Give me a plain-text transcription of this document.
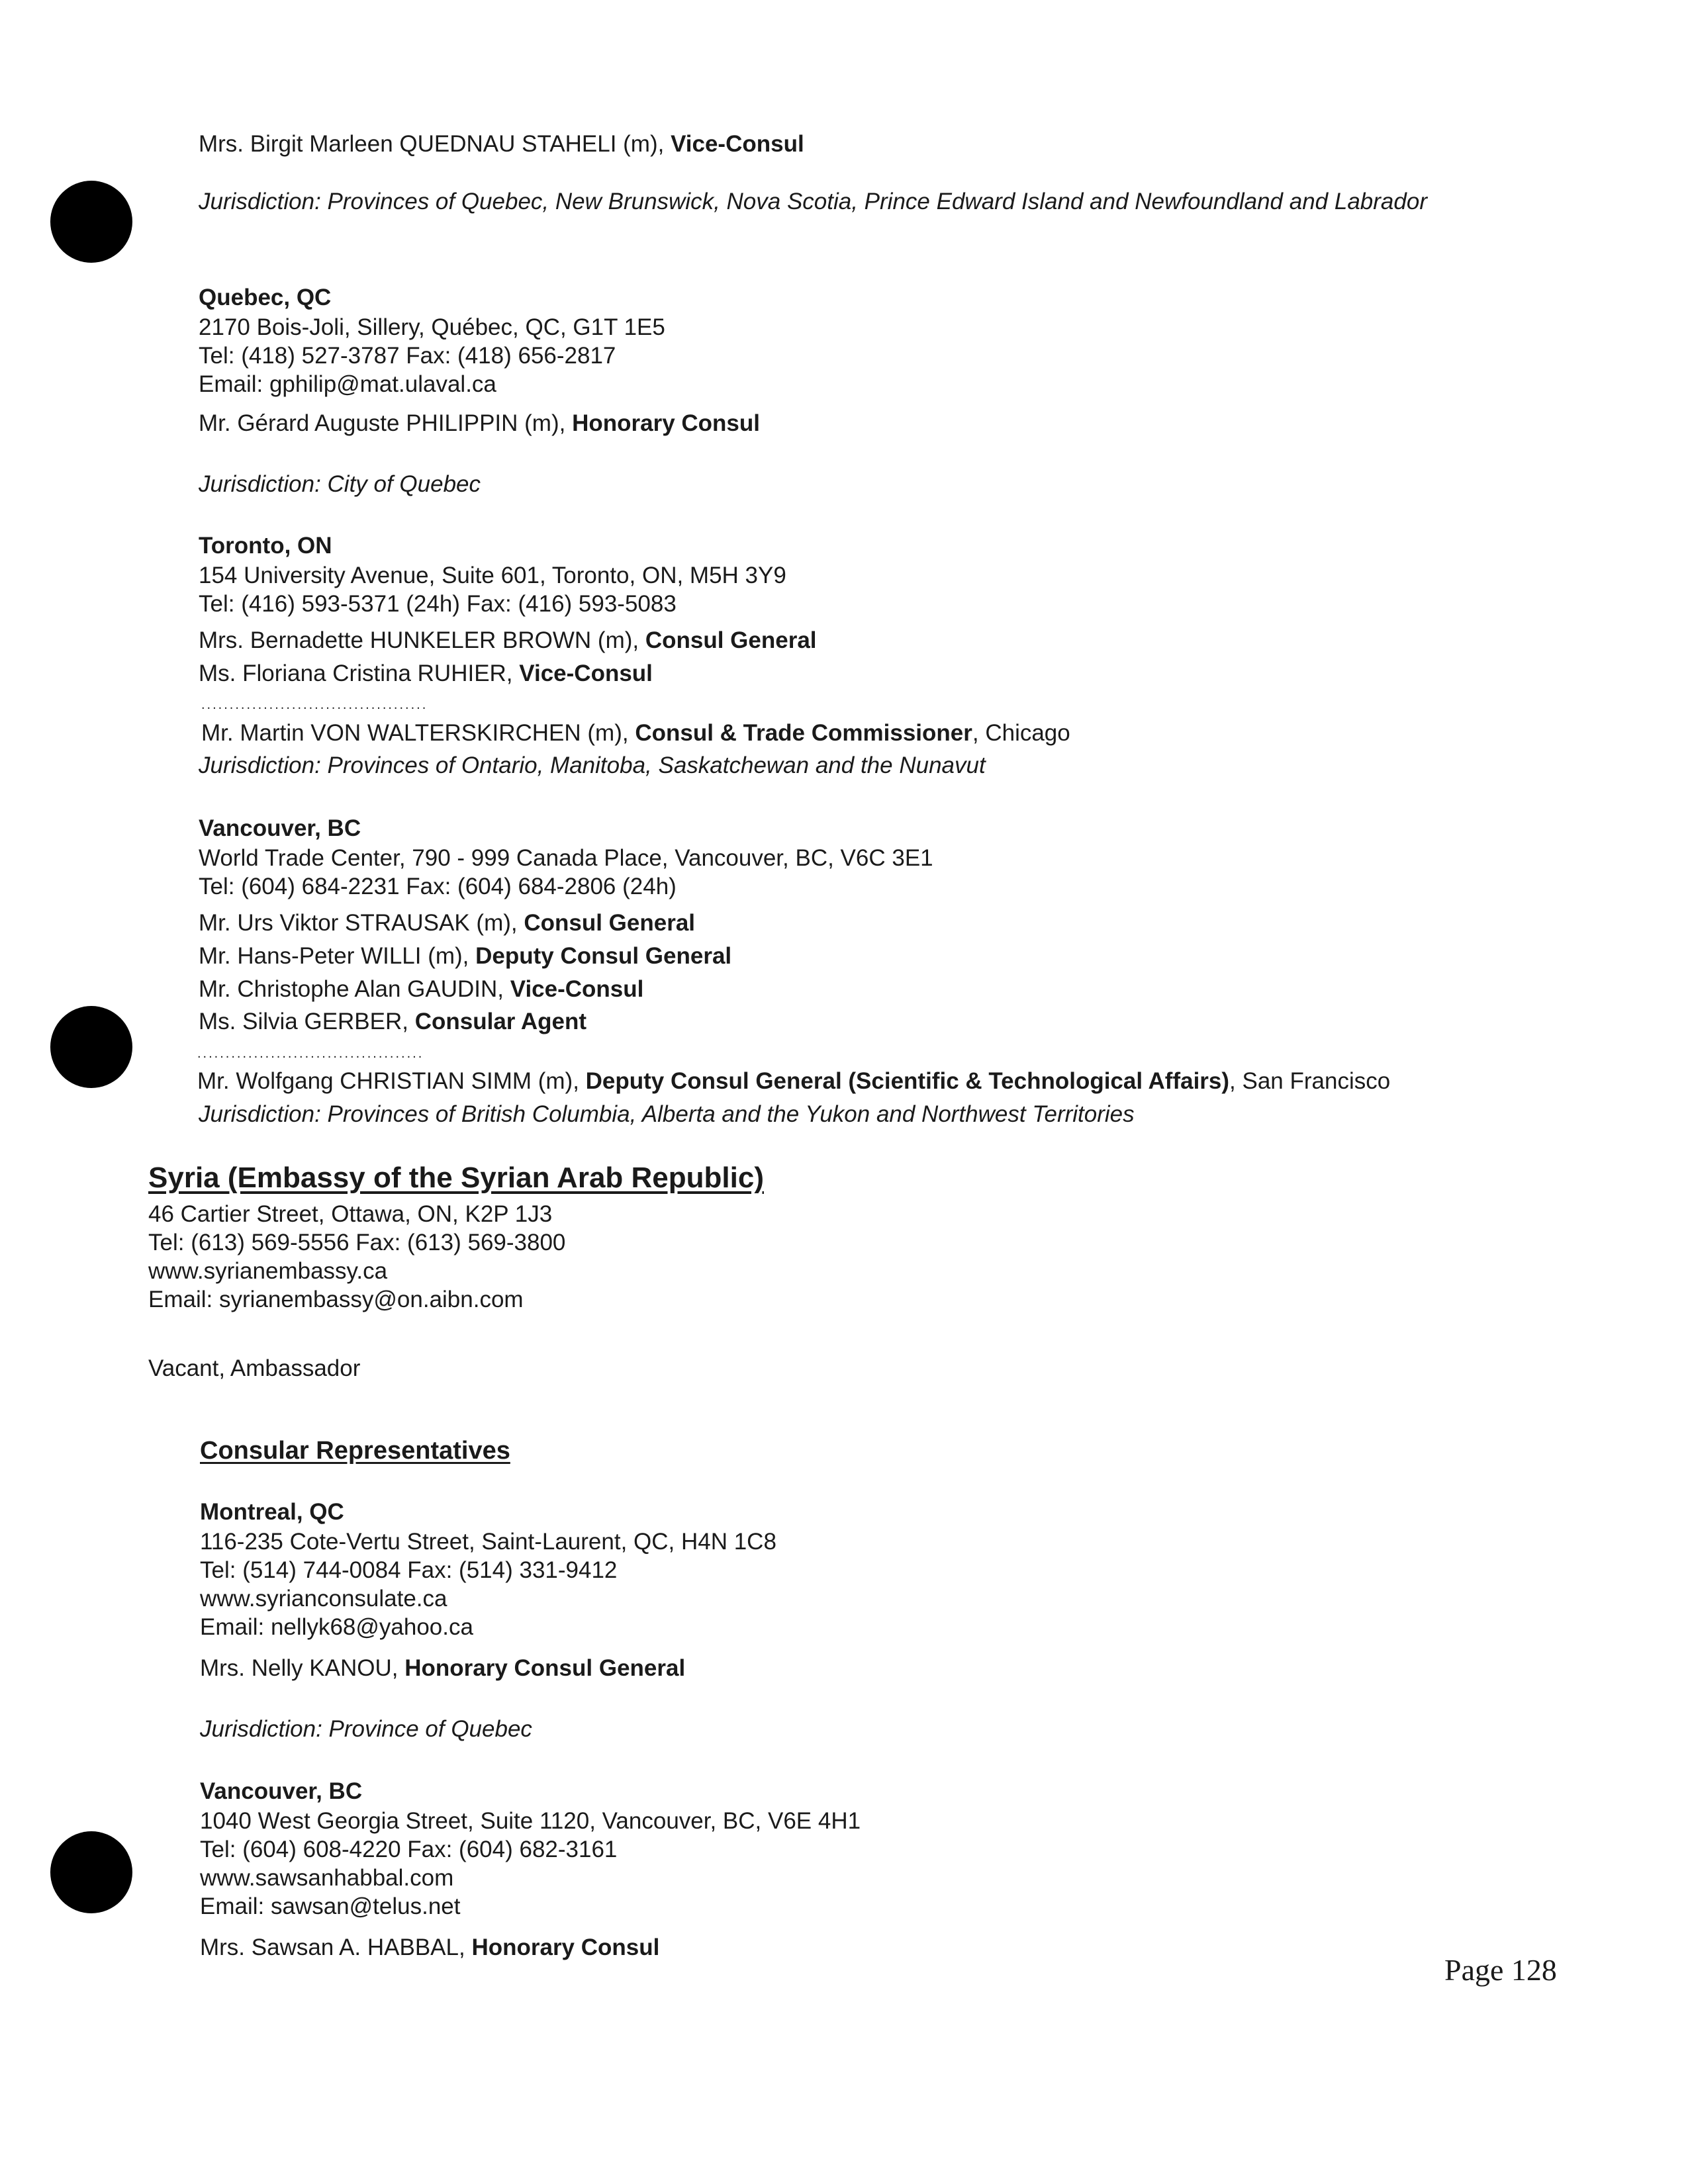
Mrs. Birgit Marleen QUEDNAU STAHELI (m), Vice-Consul
Jurisdiction: Provinces of Quebec, New Brunswick, Nova Scotia, Prince Edward Island and Newfoundland and Labrador
Quebec, QC
2170 Bois-Joli, Sillery, Québec, QC, G1T 1E5
Tel: (418) 527-3787 Fax: (418) 656-2817
Email: gphilip@mat.ulaval.ca
Mr. Gérard Auguste PHILIPPIN (m), Honorary Consul
Jurisdiction: City of Quebec
Toronto, ON
154 University Avenue, Suite 601, Toronto, ON, M5H 3Y9
Tel: (416) 593-5371 (24h) Fax: (416) 593-5083
Mrs. Bernadette HUNKELER BROWN (m), Consul General
Ms. Floriana Cristina RUHIER, Vice-Consul
........................................
Mr. Martin VON WALTERSKIRCHEN (m), Consul & Trade Commissioner, Chicago
Jurisdiction: Provinces of Ontario, Manitoba, Saskatchewan and the Nunavut
Vancouver, BC
World Trade Center, 790 - 999 Canada Place, Vancouver, BC, V6C 3E1
Tel: (604) 684-2231 Fax: (604) 684-2806 (24h)
Mr. Urs Viktor STRAUSAK (m), Consul General
Mr. Hans-Peter WILLI (m), Deputy Consul General
Mr. Christophe Alan GAUDIN, Vice-Consul
Ms. Silvia GERBER, Consular Agent
........................................
Mr. Wolfgang CHRISTIAN SIMM (m), Deputy Consul General (Scientific & Technological Affairs), San Francisco
Jurisdiction: Provinces of British Columbia, Alberta and the Yukon and Northwest Territories
Syria (Embassy of the Syrian Arab Republic)
46 Cartier Street, Ottawa, ON, K2P 1J3
Tel: (613) 569-5556 Fax: (613) 569-3800
www.syrianembassy.ca
Email: syrianembassy@on.aibn.com
Vacant, Ambassador
Consular Representatives
Montreal, QC
116-235 Cote-Vertu Street, Saint-Laurent, QC, H4N 1C8
Tel: (514) 744-0084 Fax: (514) 331-9412
www.syrianconsulate.ca
Email: nellyk68@yahoo.ca
Mrs. Nelly KANOU, Honorary Consul General
Jurisdiction: Province of Quebec
Vancouver, BC
1040 West Georgia Street, Suite 1120, Vancouver, BC, V6E 4H1
Tel: (604) 608-4220 Fax: (604) 682-3161
www.sawsanhabbal.com
Email: sawsan@telus.net
Mrs. Sawsan A. HABBAL, Honorary Consul
Page 128
